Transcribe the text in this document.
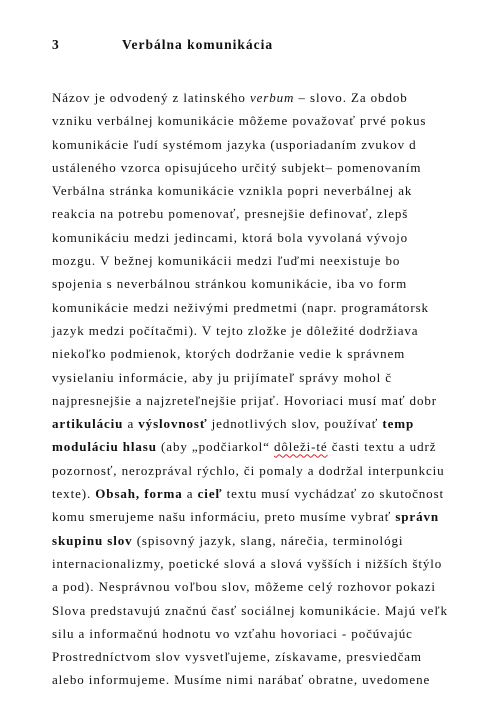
3	Verbálna komunikácia
Názov je odvodený z latinského verbum – slovo. Za obdob
vzniku verbálnej komunikácie môžeme považovať prvé pokus
komunikácie ľudí systémom jazyka (usporiadaním zvukov d
ustáleného vzorca opisujúceho určitý subjekt– pomenovaním
Verbálna stránka komunikácie vznikla popri neverbálnej ak
reakcia na potrebu pomenovať, presnejšie definovať, zlepš
komunikáciu medzi jedincami, ktorá bola vyvolaná vývojo
mozgu. V bežnej komunikácii medzi ľuďmi neexistuje bo
spojenia s neverbálnou stránkou komunikácie, iba vo form
komunikácie medzi neživými predmetmi (napr. programátorsk
jazyk medzi počítačmi). V tejto zložke je dôležité dodržiava
niekoľko podmienok, ktorých dodržanie vedie k správnem
vysielaniu informácie, aby ju prijímateľ správy mohol č
najpresnejšie a najzreteľnejšie prijať. Hovoriaci musí mať dobr
artikuláciu a výslovnosť jednotlivých slov, používať temp
moduláciu hlasu (aby „podčiarkol“ dôleži-té časti textu a udrž
pozornosť, nerozprával rýchlo, či pomaly a dodržal interpunkciu
texte). Obsah, forma a cieľ textu musí vychádzať zo skutočnost
komu smerujeme našu informáciu, preto musíme vybrať správn
skupinu slov (spisovný jazyk, slang, nárečia, terminológi
internacionalizmy, poetické slová a slová vyšších i nižších štýlo
a pod). Nesprávnou voľbou slov, môžeme celý rozhovor pokazi
Slova predstavujú značnú časť sociálnej komunikácie. Majú veľk
silu a informačnú hodnotu vo vzťahu hovoriaci - počúvajúc
Prostredníctvom slov vysvetľujeme, získavame, presviedčam
alebo informujeme. Musíme nimi narábať obratne, uvedomene
